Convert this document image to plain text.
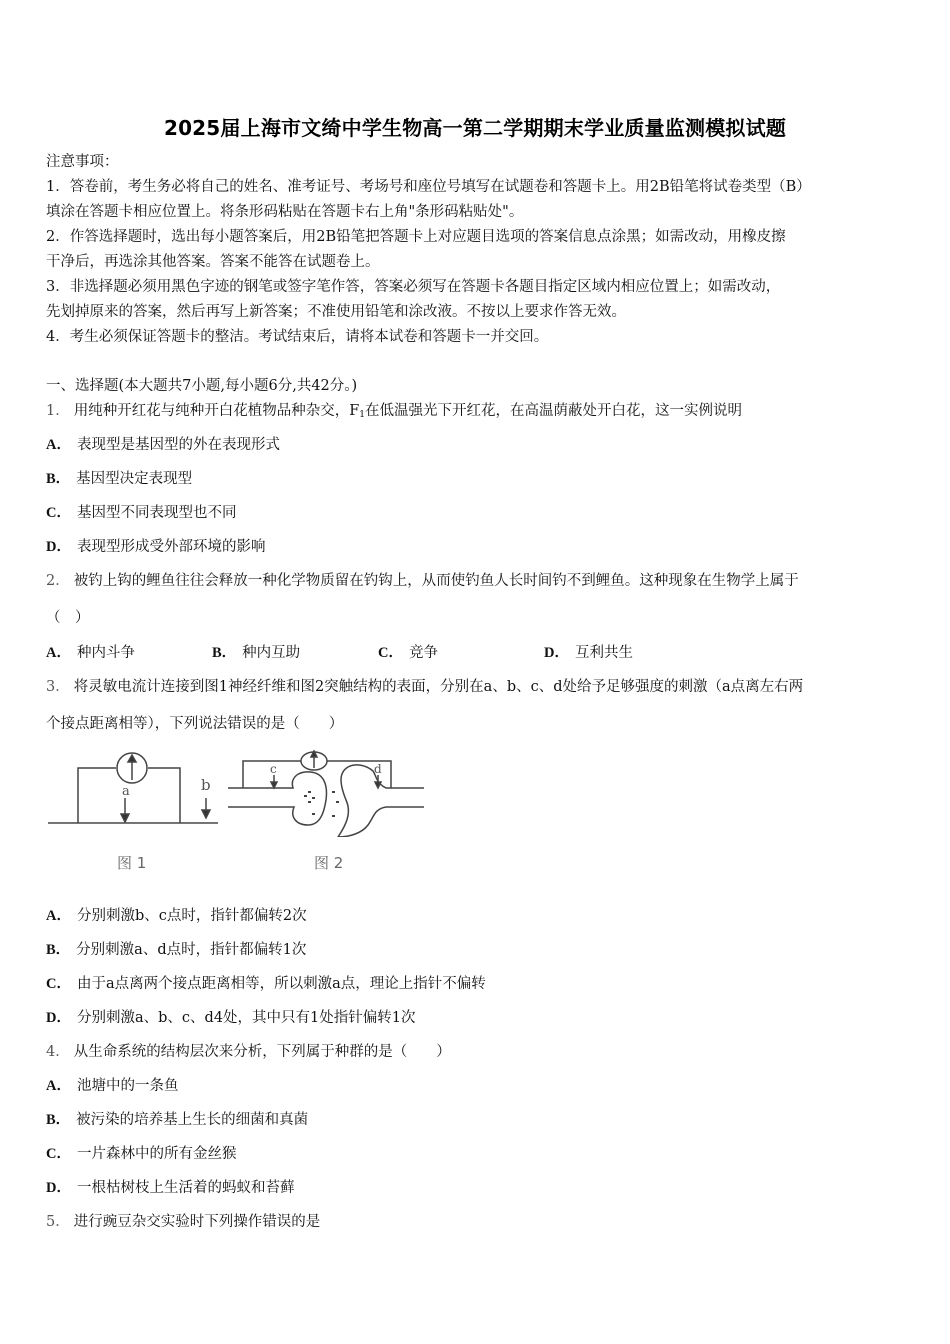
2025届上海市文绮中学生物高一第二学期期末学业质量监测模拟试题
注意事项：
1．答卷前，考生务必将自己的姓名、准考证号、考场号和座位号填写在试题卷和答题卡上。用2B铅笔将试卷类型（B）
填涂在答题卡相应位置上。将条形码粘贴在答题卡右上角"条形码粘贴处"。
2．作答选择题时，选出每小题答案后，用2B铅笔把答题卡上对应题目选项的答案信息点涂黑；如需改动，用橡皮擦
干净后，再选涂其他答案。答案不能答在试题卷上。
3．非选择题必须用黑色字迹的钢笔或签字笔作答，答案必须写在答题卡各题目指定区域内相应位置上；如需改动，
先划掉原来的答案，然后再写上新答案；不准使用铅笔和涂改液。不按以上要求作答无效。
4．考生必须保证答题卡的整洁。考试结束后，请将本试卷和答题卡一并交回。
一、选择题(本大题共7小题,每小题6分,共42分。)
1． 用纯种开红花与纯种开白花植物品种杂交，$F_1$在低温强光下开红花，在高温荫蔽处开白花，这一实例说明
A． 表现型是基因型的外在表现形式
B． 基因型决定表现型
C． 基因型不同表现型也不同
D． 表现型形成受外部环境的影响
2． 被钓上钩的鲤鱼往往会释放一种化学物质留在钓钩上，从而使钓鱼人长时间钓不到鲤鱼。这种现象在生物学上属于
（　）
A． 种内斗争	B． 种内互助	C． 竞争	D． 互利共生
3． 将灵敏电流计连接到图1神经纤维和图2突触结构的表面，分别在a、b、c、d处给予足够强度的刺激（a点离左右两
个接点距离相等），下列说法错误的是（　　）
a	b
图 1
c	d
图 2
A． 分别刺激b、c点时，指针都偏转2次
B． 分别刺激a、d点时，指针都偏转1次
C． 由于a点离两个接点距离相等，所以刺激a点，理论上指针不偏转
D． 分别刺激a、b、c、d4处，其中只有1处指针偏转1次
4． 从生命系统的结构层次来分析，下列属于种群的是（　　）
A． 池塘中的一条鱼
B． 被污染的培养基上生长的细菌和真菌
C． 一片森林中的所有金丝猴
D． 一根枯树枝上生活着的蚂蚁和苔藓
5． 进行豌豆杂交实验时下列操作错误的是
